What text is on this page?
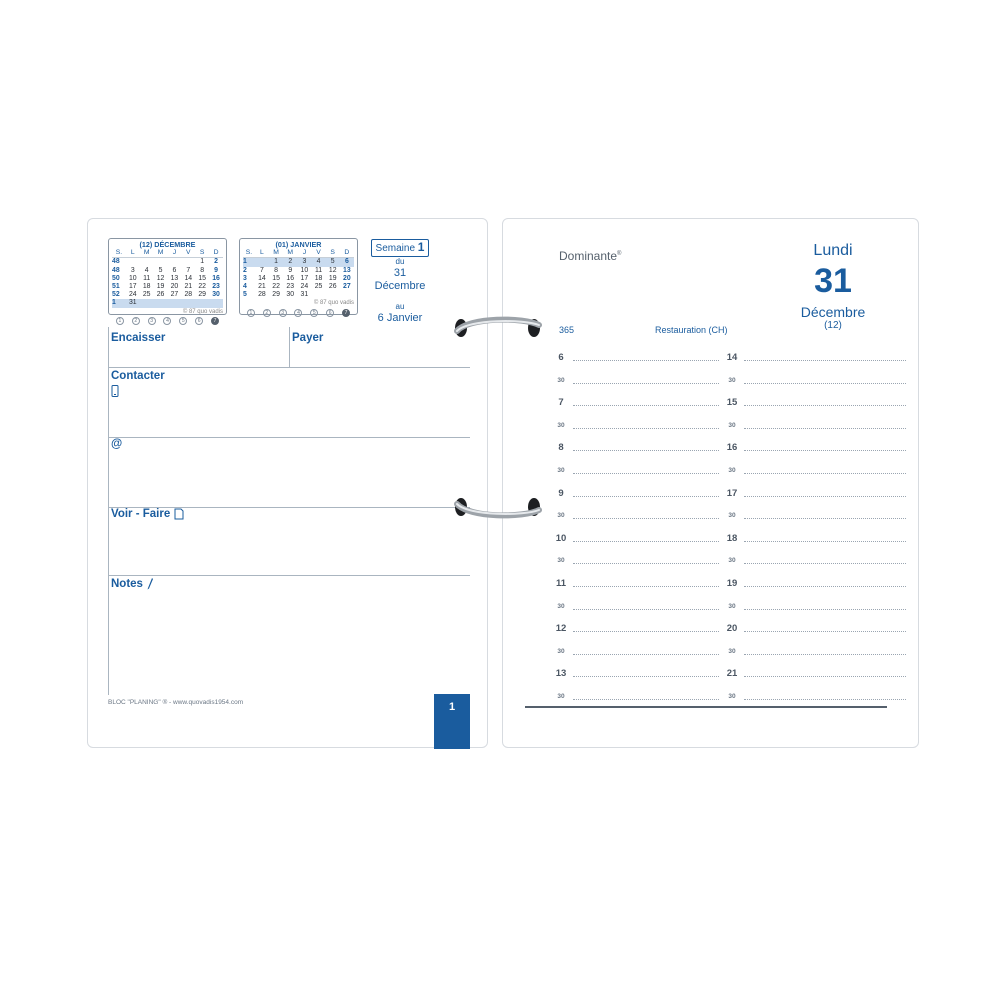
(12) DÉCEMBRE
S.	L	M	M	J	V	S	D
48						1	2
48	3	4	5	6	7	8	9
50	10	11	12	13	14	15	16
51	17	18	19	20	21	22	23
52	24	25	26	27	28	29	30
1	31						
© 87 quo vadis							
1	2	3	4	5	6	7
(01) JANVIER
S.	L	M	M	J	V	S	D
1		1	2	3	4	5	6
2	7	8	9	10	11	12	13
3	14	15	16	17	18	19	20
4	21	22	23	24	25	26	27
5	28	29	30	31			
© 87 quo vadis							
1	2	3	4	5	6	7
Semaine 1
du
31 Décembre
au
6 Janvier
Encaisser	Payer
Contacter
@
Voir - Faire
Notes
BLOC "PLANING" ® - www.quovadis1954.com	1
Dominante®	Lundi
31
Décembre
(12)
365	Restauration (CH)
6
30
7
30
8
30
9
30
10
30
11
30
12
30
13
30
14
30
15
30
16
30
17
30
18
30
19
30
20
30
21
30
